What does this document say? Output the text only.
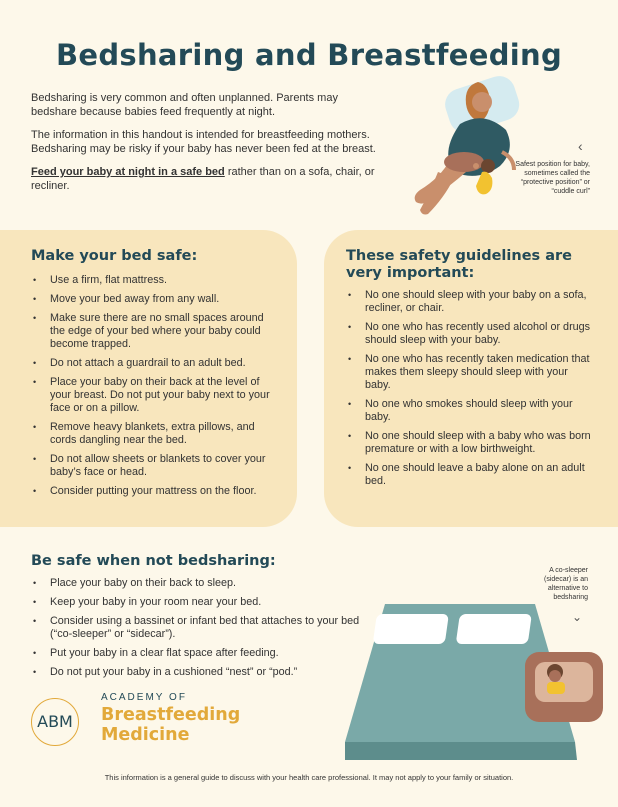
Bedsharing and Breastfeeding

Bedsharing is very common and often unplanned. Parents may bedshare because babies feed frequently at night.

The information in this handout is intended for breastfeeding mothers. Bedsharing may be risky if your baby has never been fed at the breast.

Feed your baby at night in a safe bed rather than on a sofa, chair, or recliner.

‹
Safest position for baby, sometimes called the “protective position” or “cuddle curl”
Make your bed safe:
• Use a firm, flat mattress.
• Move your bed away from any wall.
• Make sure there are no small spaces around the edge of your bed where your baby could become trapped.
• Do not attach a guardrail to an adult bed.
• Place your baby on their back at the level of your breast. Do not put your baby next to your face or on a pillow.
• Remove heavy blankets, extra pillows, and cords dangling near the bed.
• Do not allow sheets or blankets to cover your baby’s face or head.
• Consider putting your mattress on the floor.
These safety guidelines are very important:
• No one should sleep with your baby on a sofa, recliner, or chair.
• No one who has recently used alcohol or drugs should sleep with your baby.
• No one who has recently taken medication that makes them sleepy should sleep with your baby.
• No one who smokes should sleep with your baby.
• No one should sleep with a baby who was born premature or with a low birthweight.
• No one should leave a baby alone on an adult bed.
Be safe when not bedsharing:
• Place your baby on their back to sleep.
• Keep your baby in your room near your bed.
• Consider using a bassinet or infant bed that attaches to your bed (“co-sleeper” or “sidecar”).
• Put your baby in a clear flat space after feeding.
• Do not put your baby in a cushioned “nest” or “pod.”
A co-sleeper (sidecar) is an alternative to bedsharing
⌄
ABM
ACADEMY OF
Breastfeeding
Medicine
This information is a general guide to discuss with your health care professional. It may not apply to your family or situation.
